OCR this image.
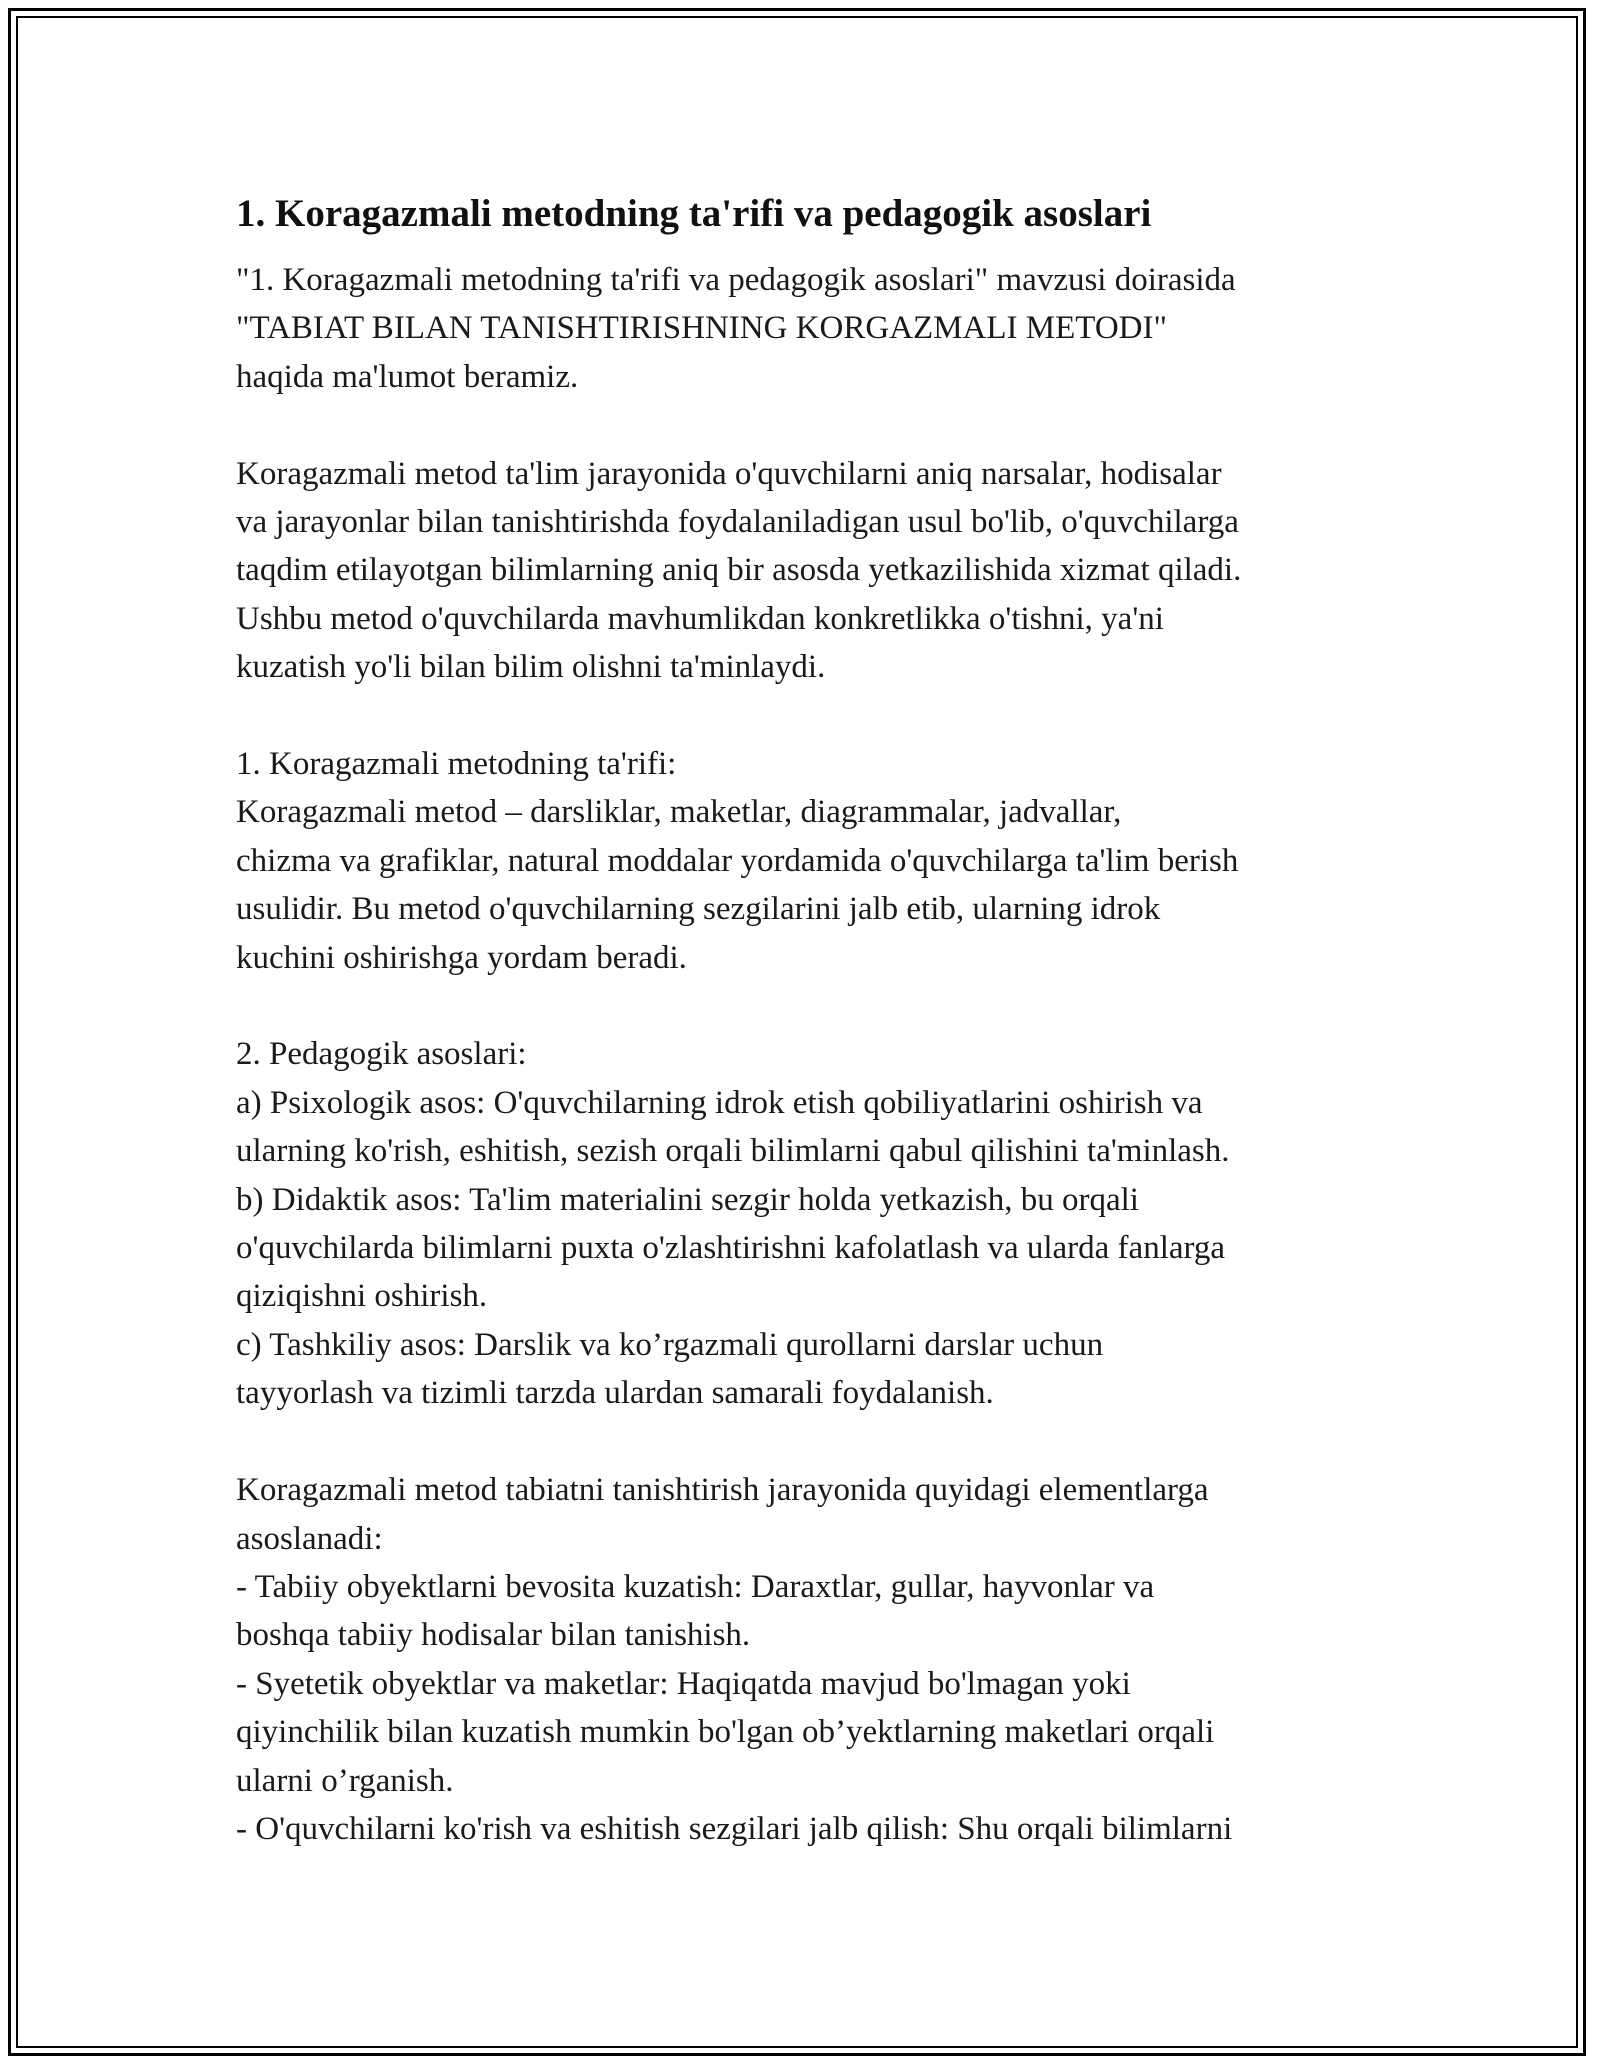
1. Koragazmali metodning ta'rifi va pedagogik asoslari

"1. Koragazmali metodning ta'rifi va pedagogik asoslari" mavzusi doirasida
"TABIAT BILAN TANISHTIRISHNING KORGAZMALI METODI"
haqida ma'lumot beramiz.

Koragazmali metod ta'lim jarayonida o'quvchilarni aniq narsalar, hodisalar
va jarayonlar bilan tanishtirishda foydalaniladigan usul bo'lib, o'quvchilarga
taqdim etilayotgan bilimlarning aniq bir asosda yetkazilishida xizmat qiladi.
Ushbu metod o'quvchilarda mavhumlikdan konkretlikka o'tishni, ya'ni
kuzatish yo'li bilan bilim olishni ta'minlaydi.

1. Koragazmali metodning ta'rifi:
Koragazmali metod – darsliklar, maketlar, diagrammalar, jadvallar,
chizma va grafiklar, natural moddalar yordamida o'quvchilarga ta'lim berish
usulidir. Bu metod o'quvchilarning sezgilarini jalb etib, ularning idrok
kuchini oshirishga yordam beradi.

2. Pedagogik asoslari:
a) Psixologik asos: O'quvchilarning idrok etish qobiliyatlarini oshirish va
ularning ko'rish, eshitish, sezish orqali bilimlarni qabul qilishini ta'minlash.
b) Didaktik asos: Ta'lim materialini sezgir holda yetkazish, bu orqali
o'quvchilarda bilimlarni puxta o'zlashtirishni kafolatlash va ularda fanlarga
qiziqishni oshirish.
c) Tashkiliy asos: Darslik va ko’rgazmali qurollarni darslar uchun
tayyorlash va tizimli tarzda ulardan samarali foydalanish.

Koragazmali metod tabiatni tanishtirish jarayonida quyidagi elementlarga
asoslanadi:
- Tabiiy obyektlarni bevosita kuzatish: Daraxtlar, gullar, hayvonlar va
boshqa tabiiy hodisalar bilan tanishish.
- Syetetik obyektlar va maketlar: Haqiqatda mavjud bo'lmagan yoki
qiyinchilik bilan kuzatish mumkin bo'lgan ob’yektlarning maketlari orqali
ularni o’rganish.
- O'quvchilarni ko'rish va eshitish sezgilari jalb qilish: Shu orqali bilimlarni
